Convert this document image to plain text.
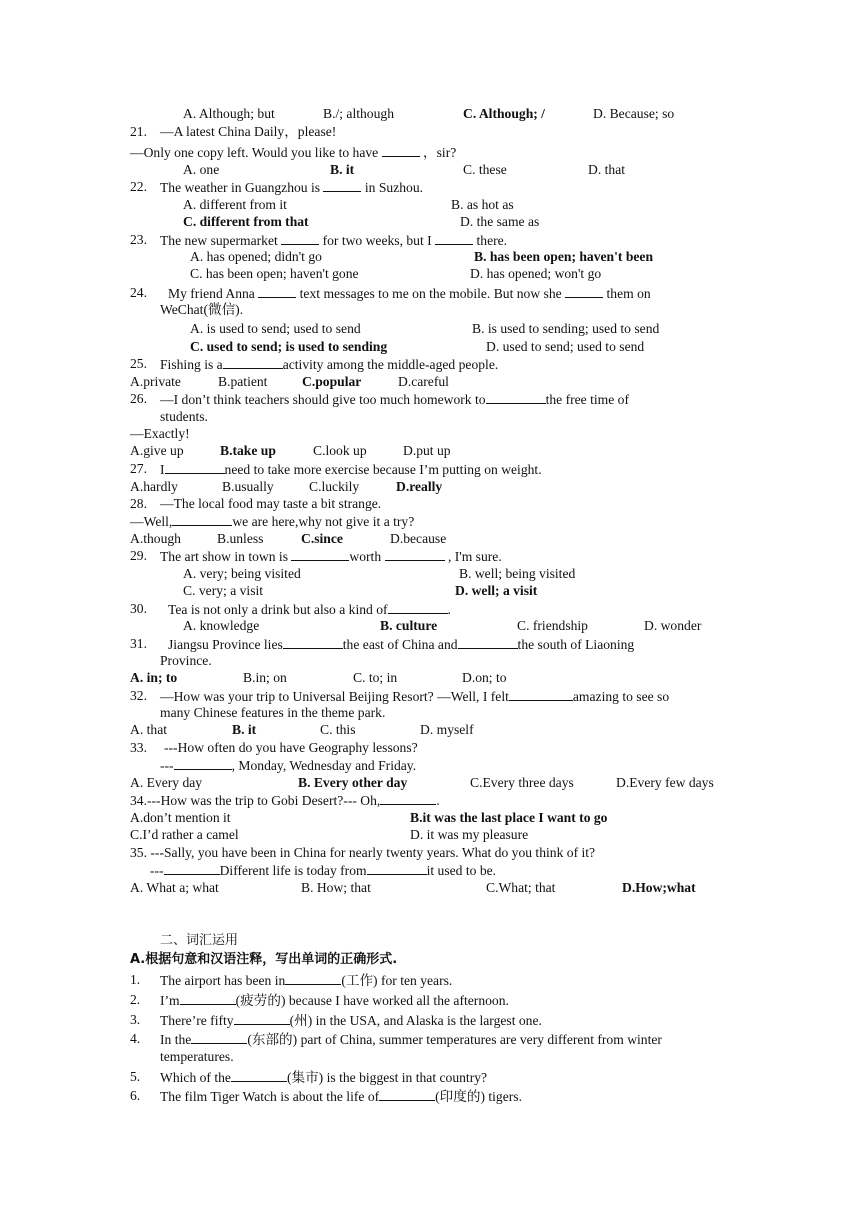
A. Although; but	B./; although	C. Although; /	D. Because; so
21. —A latest China Daily，please!
—Only one copy left. Would you like to have	，sir?
A. one	B. it	C. these	D. that
22. The weather in Guangzhou is	in Suzhou.
A. different from it	B. as hot as
C. different from that	D. the same as
23. The new supermarket	for two weeks, but I	there.
A. has opened; didn't go	B. has been open; haven't been
C. has been open; haven't gone	D. has opened; won't go
24. My friend Anna	text messages to me on the mobile. But now she	them on
WeChat(微信).
A. is used to send; used to send	B. is used to sending; used to send
C. used to send; is used to sending	D. used to send; used to send
25. Fishing is a	activity among the middle-aged people.
A.private	B.patient	C.popular	D.careful
26. —I don’t think teachers should give too much homework to	the free time of
students.
—Exactly!
A.give up	B.take up	C.look up	D.put up
27. I	need to take more exercise because I’m putting on weight.
A.hardly	B.usually	C.luckily	D.really
28. —The local food may taste a bit strange.
—Well,	we are here,why not give it a try?
A.though	B.unless	C.since	D.because
29. The art show in town is	worth	, I'm sure.
A. very; being visited	B. well; being visited
C. very; a visit	D. well; a visit
30. Tea is not only a drink but also a kind of	.
A. knowledge	B. culture	C. friendship	D. wonder
31. Jiangsu Province lies	the east of China and	the south of Liaoning
Province.
A. in; to	B.in; on	C. to; in	D.on; to
32. —How was your trip to Universal Beijing Resort? —Well, I felt	amazing to see so
many Chinese features in the theme park.
A. that	B. it	C. this	D. myself
33. ---How often do you have Geography lessons?
---	, Monday, Wednesday and Friday.
A. Every day	B. Every other day	C.Every three days	D.Every few days
34.---How was the trip to Gobi Desert?--- Oh,	.
A.don’t mention it	B.it was the last place I want to go
C.I’d rather a camel	D. it was my pleasure
35. ---Sally, you have been in China for nearly twenty years. What do you think of it?
---	Different life is today from	it used to be.
A. What a; what	B. How; that	C.What; that	D.How;what
二、词汇运用
A.根据句意和汉语注释，写出单词的正确形式.
1. The airport has been in	(工作) for ten years.
2. I’m	(疲劳的) because I have worked all the afternoon.
3. There’re fifty	(州) in the USA, and Alaska is the largest one.
4. In the	(东部的) part of China, summer temperatures are very different from winter
temperatures.
5. Which of the	(集市) is the biggest in that country?
6. The film Tiger Watch is about the life of	(印度的) tigers.
